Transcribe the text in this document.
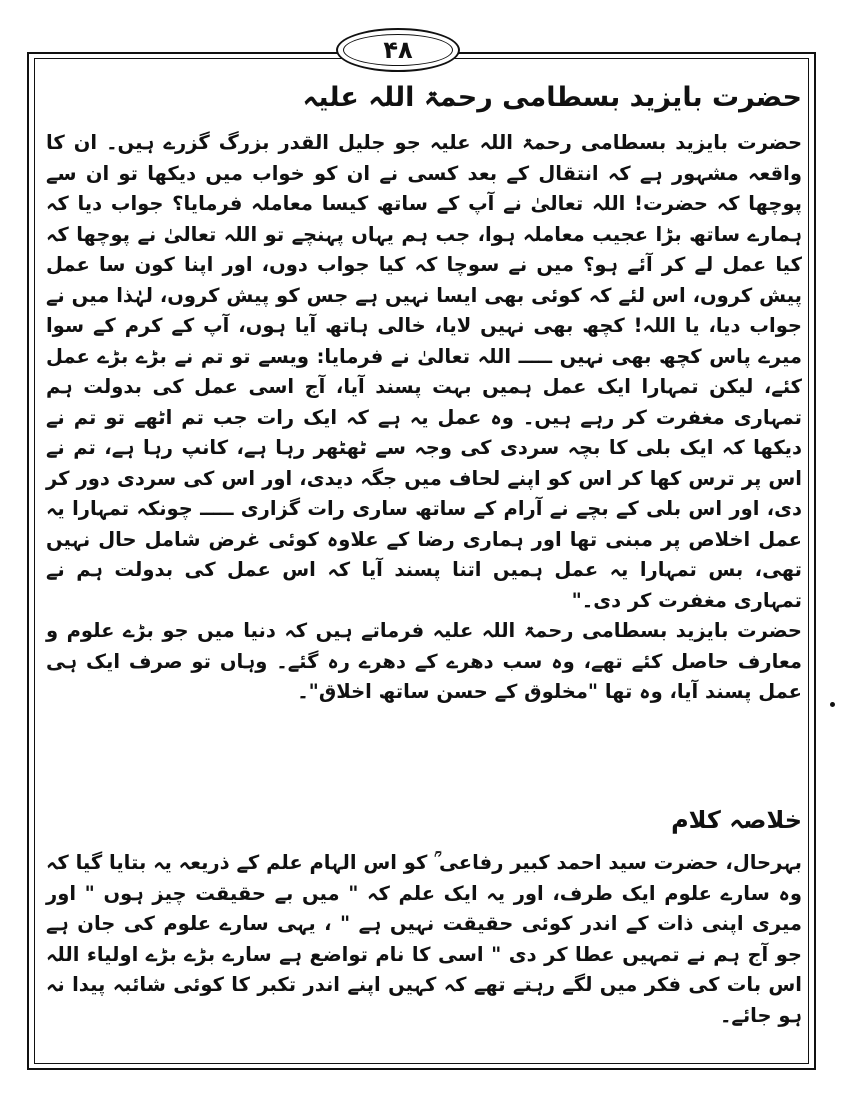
۴۸
حضرت بایزید بسطامی رحمۃ اللہ علیہ

حضرت بایزید بسطامی رحمۃ اللہ علیہ جو جلیل القدر بزرگ گزرے ہیں۔ ان کا واقعہ مشہور ہے کہ انتقال کے بعد کسی نے ان کو خواب میں دیکھا تو ان سے پوچھا کہ حضرت! اللہ تعالیٰ نے آپ کے ساتھ کیسا معاملہ فرمایا؟ جواب دیا کہ ہمارے ساتھ بڑا عجیب معاملہ ہوا، جب ہم یہاں پہنچے تو اللہ تعالیٰ نے پوچھا کہ کیا عمل لے کر آئے ہو؟ میں نے سوچا کہ کیا جواب دوں، اور اپنا کون سا عمل پیش کروں، اس لئے کہ کوئی بھی ایسا نہیں ہے جس کو پیش کروں، لہٰذا میں نے جواب دیا، یا اللہ! کچھ بھی نہیں لایا، خالی ہاتھ آیا ہوں، آپ کے کرم کے سوا میرے پاس کچھ بھی نہیں ـــــ اللہ تعالیٰ نے فرمایا: ویسے تو تم نے بڑے بڑے عمل کئے، لیکن تمہارا ایک عمل ہمیں بہت پسند آیا، آج اسی عمل کی بدولت ہم تمہاری مغفرت کر رہے ہیں۔ وہ عمل یہ ہے کہ ایک رات جب تم اٹھے تو تم نے دیکھا کہ ایک بلی کا بچہ سردی کی وجہ سے ٹھٹھر رہا ہے، کانپ رہا ہے، تم نے اس پر ترس کھا کر اس کو اپنے لحاف میں جگہ دیدی، اور اس کی سردی دور کر دی، اور اس بلی کے بچے نے آرام کے ساتھ ساری رات گزاری ـــــ چونکہ تمہارا یہ عمل اخلاص پر مبنی تھا اور ہماری رضا کے علاوہ کوئی غرض شامل حال نہیں تھی، بس تمہارا یہ عمل ہمیں اتنا پسند آیا کہ اس عمل کی بدولت ہم نے تمہاری مغفرت کر دی۔"

حضرت بایزید بسطامی رحمۃ اللہ علیہ فرماتے ہیں کہ دنیا میں جو بڑے علوم و معارف حاصل کئے تھے، وہ سب دھرے کے دھرے رہ گئے۔ وہاں تو صرف ایک ہی عمل پسند آیا، وہ تھا "مخلوق کے حسن ساتھ اخلاق"۔

خلاصہ کلام

بہرحال، حضرت سید احمد کبیر رفاعی ؒ کو اس الہام علم کے ذریعہ یہ بتایا گیا کہ وہ سارے علوم ایک طرف، اور یہ ایک علم کہ " میں بے حقیقت چیز ہوں " اور میری اپنی ذات کے اندر کوئی حقیقت نہیں ہے " ، یہی سارے علوم کی جان ہے جو آج ہم نے تمہیں عطا کر دی " اسی کا نام تواضع ہے سارے بڑے بڑے اولیاء اللہ اس بات کی فکر میں لگے رہتے تھے کہ کہیں اپنے اندر تکبر کا کوئی شائبہ پیدا نہ ہو جائے۔
